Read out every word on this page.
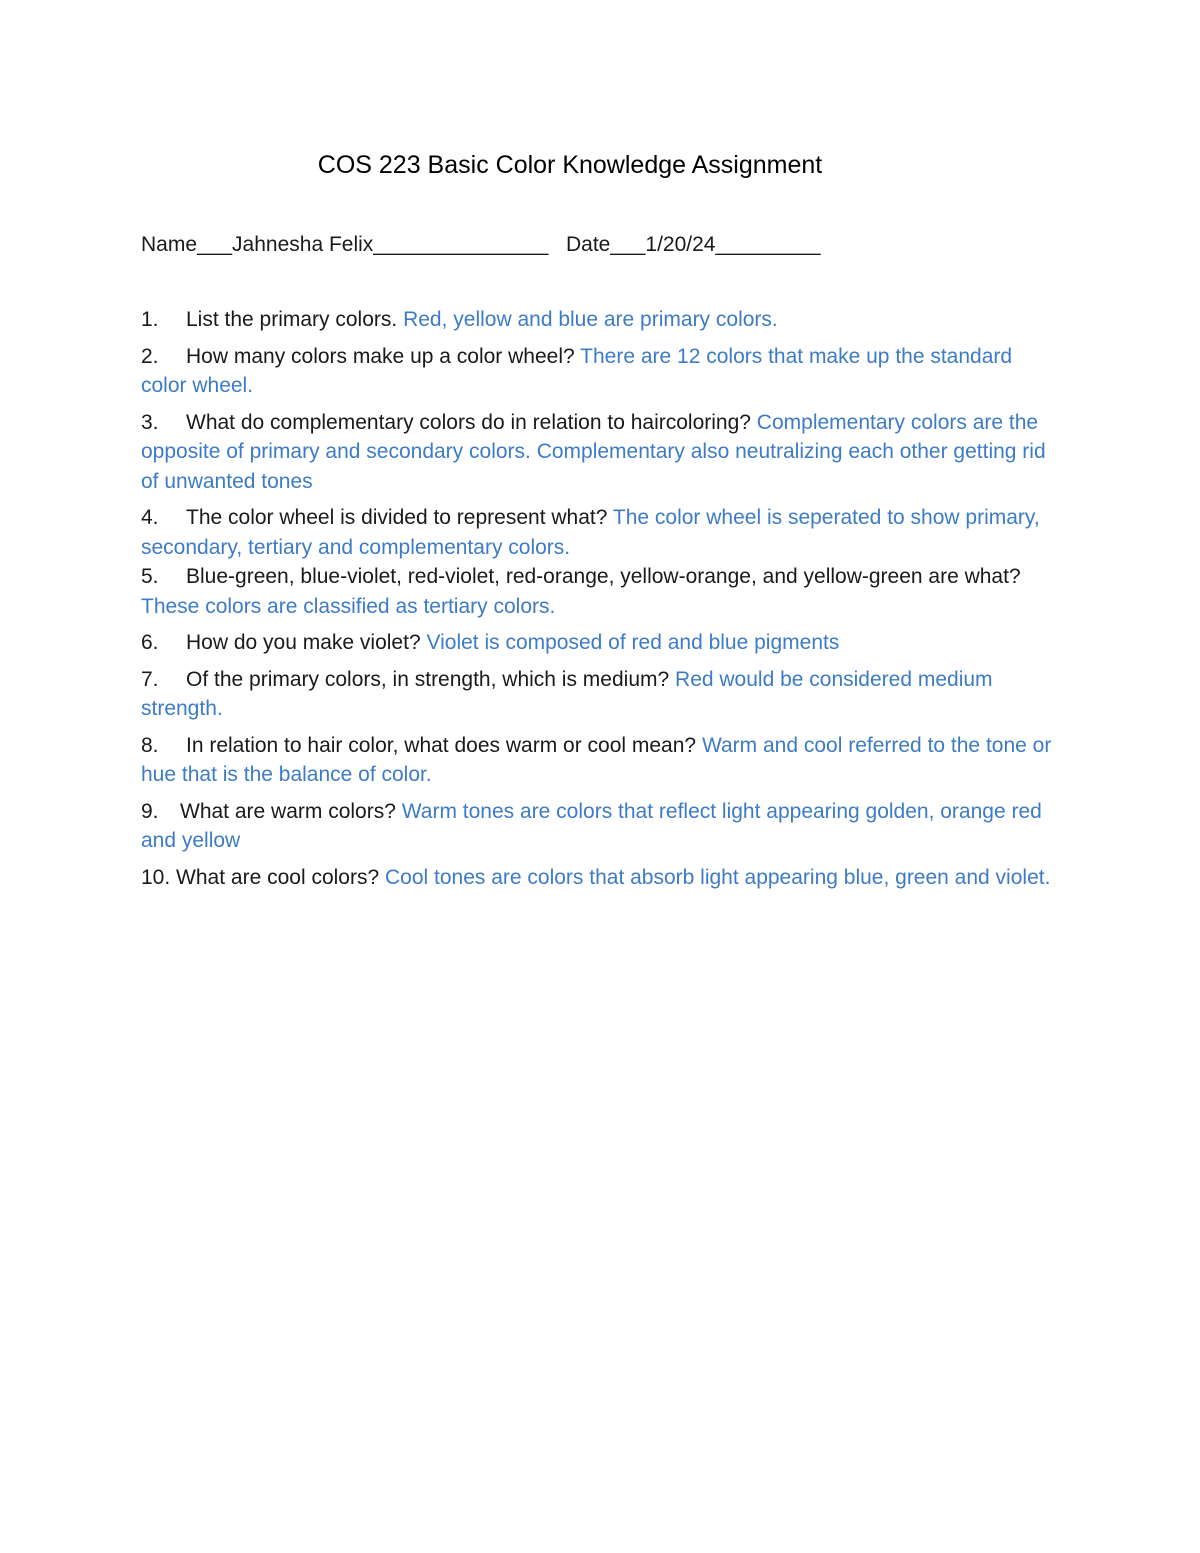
COS 223 Basic Color Knowledge Assignment
Name___Jahnesha Felix_______________   Date___1/20/24_________
1. List the primary colors. Red, yellow and blue are primary colors.
2. How many colors make up a color wheel? There are 12 colors that make up the standard color wheel.
3. What do complementary colors do in relation to haircoloring? Complementary colors are the opposite of primary and secondary colors. Complementary also neutralizing each other getting rid of unwanted tones
4. The color wheel is divided to represent what? The color wheel is seperated to show primary, secondary, tertiary and complementary colors.
5. Blue-green, blue-violet, red-violet, red-orange, yellow-orange, and yellow-green are what? These colors are classified as tertiary colors.
6. How do you make violet? Violet is composed of red and blue pigments
7. Of the primary colors, in strength, which is medium? Red would be considered medium strength.
8. In relation to hair color, what does warm or cool mean? Warm and cool referred to the tone or hue that is the balance of color.
9. What are warm colors? Warm tones are colors that reflect light appearing golden, orange red and yellow
10. What are cool colors? Cool tones are colors that absorb light appearing blue, green and violet.
